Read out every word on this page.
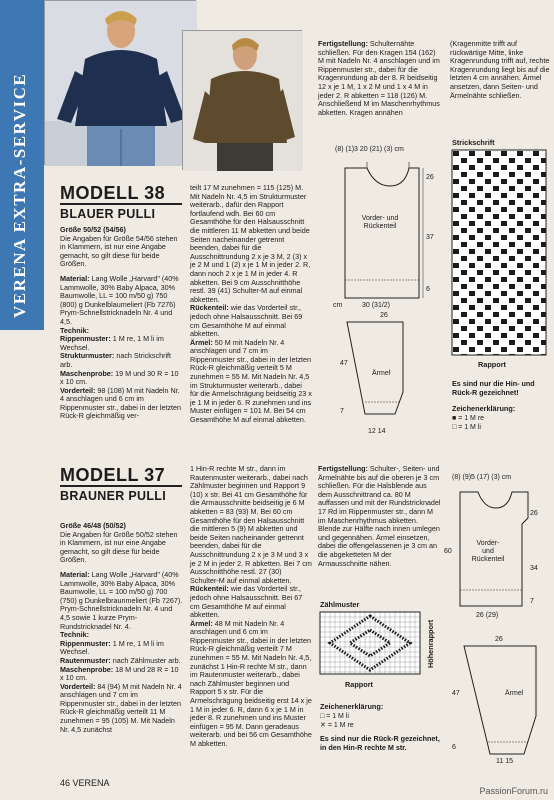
VERENA EXTRA-SERVICE MODELL 38
BLAUER PULLI

Größe 50/52 (54/56)

Die Angaben für Größe 54/56 stehen in Klammern, ist nur eine Angabe gemacht, so gilt diese für beide Größen.

Material: Lang Wolle „Harvard" (40% Lammwolle, 30% Baby Alpaca, 30% Baumwolle, LL = 100 m/50 g) 750 (800) g Dunkelblaumeliert (Fb 7276) Prym-Schnellstricknadeln Nr. 4 und 4,5.

Technik:

Rippenmuster: 1 M re, 1 M li im Wechsel.

Strukturmuster: nach Strickschrift arb.

Maschenprobe: 19 M und 30 R = 10 x 10 cm.

Vorderteil: 98 (108) M mit Nadeln Nr. 4 anschlagen und 6 cm im Rippenmuster str., dabei in der letzten Rück-R gleichmäßig ver-

teilt 17 M zunehmen = 115 (125) M. Mit Nadeln Nr. 4,5 im Strukturmuster weiterarb., dafür den Rapport fortlaufend wdh. Bei 60 cm Gesamthöhe für den Halsausschnitt die mittleren 11 M abketten und beide Seiten nacheinander getrennt beenden, dabei für die Ausschnittrundung 2 x je 3 M, 2 (3) x je 2 M und 1 (2) x je 1 M in jeder 2. R, dann noch 2 x je 1 M in jeder 4. R abketten. Bei 9 cm Ausschnitthöhe restl. 39 (41) Schulter-M auf einmal abketten.

Rückenteil: wie das Vorderteil str., jedoch ohne Halsausschnitt. Bei 69 cm Gesamthöhe M auf einmal abketten.

Ärmel: 50 M mit Nadeln Nr. 4 anschlagen und 7 cm im Rippenmuster str., dabei in der letzten Rück-R gleichmäßig verteilt 5 M zunehmen = 55 M. Mit Nadeln Nr. 4,5 im Strukturmuster weiterarb., dabei für die Armelschrägung beidseitig 23 x je 1 M in jeder 6. R zunehmen und ins Muster einfügen = 101 M. Bei 54 cm Gesamthöhe M auf einmal abketten.

Fertigstellung: Schulternähte schließen. Für den Kragen 154 (162) M mit Nadeln Nr. 4 anschlagen und im Rippenmuster str., dabei für die Kragenrundung ab der 8. R beidseitig 12 x je 1 M, 1 x 2 M und 1 x 4 M in jeder 2. R abketten = 118 (126) M. Anschließend M im Maschenrhythmus abketten. Kragen annähen

(Kragenmitte trifft auf rückwärtige Mitte, linke Kragenrundung trifft auf, rechte Kragenrundung liegt bis auf die letzten 4 cm annähen. Ärmel ansetzen, dann Seiten- und Ärmelnähte schließen.

(8) (1)3 20 (21) (3) cm
Vorder- und Rückenteil
26
37
6
cm	30 (31/2)
26
47
Ärmel
7
12 14
Strickschrift
Rapport
Es sind nur die Hin- und Rück-R gezeichnet!
Zeichenerklärung:
■ = 1 M re
□ = 1 M li
MODELL 37
BRAUNER PULLI

Größe 46/48 (50/52)

Die Angaben für Größe 50/52 stehen in Klammern, ist nur eine Angabe gemacht, so gilt diese für beide Größen.

Material: Lang Wolle „Harvard" (40% Lammwolle, 30% Baby Alpaca, 30% Baumwolle, LL = 100 m/50 g) 700 (750) g Dunkelbraunmeliert (Fb 7267). Prym-Schnellstricknadeln Nr. 4 und 4,5 sowie 1 kurze Prym-Rundstricknadel Nr. 4.

Technik:

Rippenmuster: 1 M re, 1 M li im Wechsel.

Rautenmuster: nach Zählmuster arb.

Maschenprobe: 18 M und 28 R = 10 x 10 cm.

Vorderteil: 84 (94) M mit Nadeln Nr. 4 anschlagen und 7 cm im Rippenmuster str., dabei in der letzten Rück-R gleichmäßig verteilt 11 M zunehmen = 95 (105) M. Mit Nadeln Nr. 4,5 zunächst

1 Hin-R rechte M str., dann im Rautenmuster weiterarb., dabei nach Zählmuster beginnen und Rapport 9 (10) x str. Bei 41 cm Gesamthöhe für die Armausschnitte beidseitig je 6 M abketten = 83 (93) M. Bei 60 cm Gesamthöhe für den Halsausschnitt die mittleren 5 (9) M abketten und beide Seiten nacheinander getrennt beenden, dabei für die Ausschnittrundung 2 x je 3 M und 3 x je 2 M in jeder 2. R abketten. Bei 7 cm Ausschnitthöhe restl. 27 (30) Schulter-M auf einmal abketten.

Rückenteil: wie das Vorderteil str., jedoch ohne Halsausschnitt. Bei 67 cm Gesamthöhe M auf einmal abketten.

Ärmel: 48 M mit Nadeln Nr. 4 anschlagen und 6 cm im Rippenmuster str., dabei in der letzten Rück-R gleichmäßig verteilt 7 M zunehmen = 55 M. Mit Nadeln Nr. 4,5, zunächst 1 Hin-R rechte M str., dann im Rautenmuster weiterarb., dabei nach Zählmuster beginnen und Rapport 5 x str. Für die Armelschrägung beidseitig erst 14 x je 1 M in jeder 6. R, dann 6 x je 1 M in jeder 8. R zunehmen und ins Muster einfügen = 95 M. Dann geradeaus weiterarb. und bei 56 cm Gesamthöhe M abketten.

Fertigstellung: Schulter-, Seiten- und Ärmelnähte bis auf die oberen je 3 cm schließen. Für die Halsblende aus dem Ausschnittrand ca. 80 M auffassen und mit der Rundstricknadel 17 Rd im Rippenmuster str., dann M im Maschenrhythmus abketten. Blende zur Hälfte nach innen umlegen und gegennähen. Ärmel einsetzen, dabei die offengelassenen je 3 cm an die abgeketteten M der Armausschnitte nähen.

Zählmuster
Höhenrapport
Rapport
Zeichenerklärung:
□ = 1 M li
✕ = 1 M re
Es sind nur die Rück-R gezeichnet, in den Hin-R rechte M str.
(8) (9)5 (17) (3) cm
Vorder- und Rückenteil
26
34
60
7
26 (29)
26
47	Ärmel
6
11 15
46 VERENA
PassionForum.ru
